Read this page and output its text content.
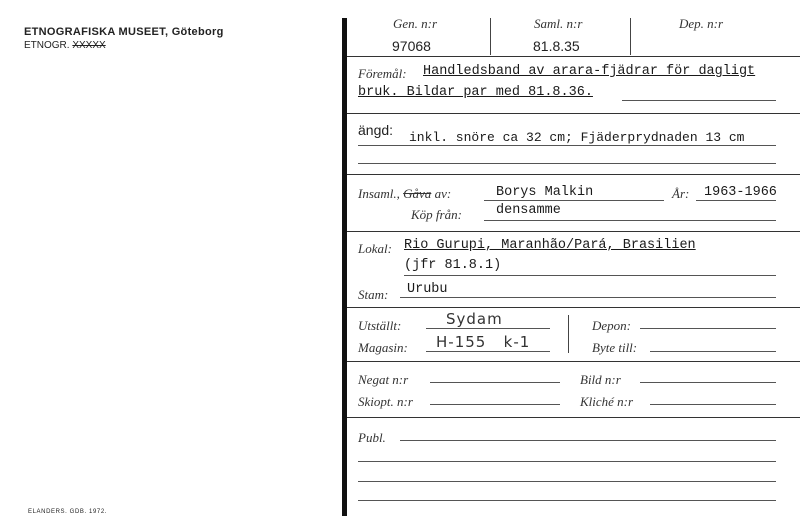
ETNOGRAFISKA MUSEET, Göteborg
ETNOGR. XXXXX
ELANDERS. GDB. 1972.
Gen. n:r
97068
Saml. n:r
81.8.35
Dep. n:r
Föremål: Handledsband av arara-fjädrar för dagligt
bruk. Bildar par med 81.8.36.
ängd: inkl. snöre ca 32 cm; Fjäderprydnaden 13 cm
Insaml., Gåva av:	Borys Malkin	År: 1963-1966
Köp från:	densamme
Lokal: Rio Gurupi, Maranhão/Pará, Brasilien
(jfr 81.8.1)
Stam: Urubu
Utställt:	Sydam
Magasin: H-155   k-1
Depon:
Byte till:
Negat n:r	Bild n:r
Skiopt. n:r	Kliché n:r
Publ.
